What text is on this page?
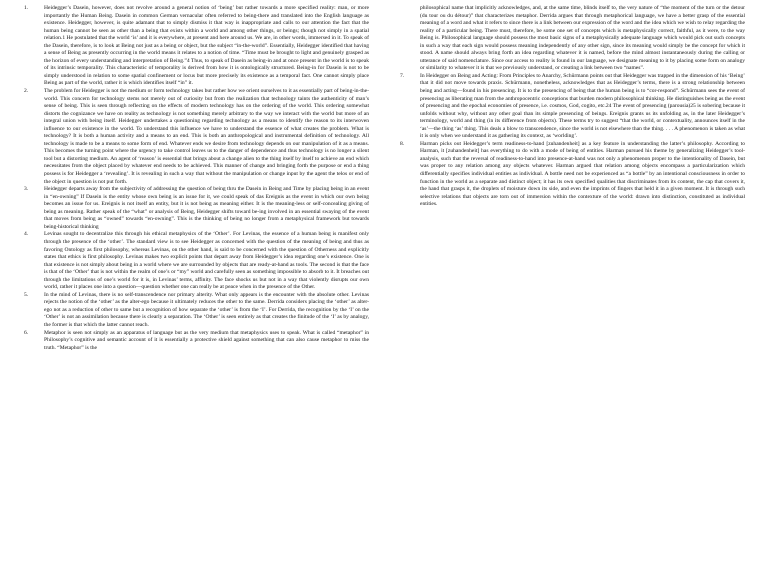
1.	Heidegger’s Dasein, however, does not revolve around a general notion of ‘being’ but rather towards a more specified reality: man, or more importantly the Human Being. Dasein in common German vernacular often referred to being-there and translated into the English language as existence. Heidegger, however, is quite adamant that to simply dismiss it that way is inappropriate and calls to our attention the fact that the human being cannot be seen as other than a being that exists within a world and among other things, or beings; though not simply in a spatial relation.1 He postulated that the world ‘is’ and it is everywhere, at present and here around us. We are, in other words, immersed in it. To speak of the Dasein, therefore, is to look at Being not just as a being or object, but the subject “in-the-world”. Essentially, Heidegger identified that having a sense of Being as presently occurring in the world means it relates to a notion of time. “Time must be brought to light and genuinely grasped as the horizon of every understanding and interpretation of Being.”4 Thus, to speak of Dasein as being-in and at once present in the world is to speak of its intrinsic temporality. This characteristic of temporality is derived from how it is ontologically structured. Being-in for Dasein is not to be simply understood in relation to some spatial confinement or locus but more precisely its existence as a temporal fact. One cannot simply place Being as part of the world, rather it is which identifies itself “in” it.
2.	The problem for Heidegger is not the medium or form technology takes but rather how we orient ourselves to it as essentially part of being-in-the-world. This concern for technology stems not merely out of curiosity but from the realization that technology taints the authenticity of man’s sense of being. This is seen through reflecting on the effects of modern technology has on the ordering of the world. This ordering somewhat distorts the cognizance we have on reality as technology is not something merely arbitrary to the way we interact with the world but more of an integral union with being itself. Heidegger undertakes a questioning regarding technology as a means to identify the reason to its interwoven influence to our existence in the world. To understand this influence we have to understand the essence of what creates the problem. What is technology? It is both a human activity and a means to an end. This is both an anthropological and instrumental definition of technology. All technology is made to be a means to some form of end. Whatever ends we desire from technology depends on our manipulation of it as a means. This becomes the turning point where the urgency to take control leaves us to the danger of dependence and thus technology is no longer a silent tool but a distorting medium. An agent of ‘reason’ is essential that brings about a change alien to the thing itself by itself to achieve an end which necessitates from the object placed by whatever end needs to be achieved. This manner of change and bringing forth the purpose or end a thing possess is for Heidegger a ‘revealing’. It is revealing in such a way that without the manipulation or change input by the agent the telos or end of the object in question is not put forth.
3.	Heidegger departs away from the subjectivity of addressing the question of being thru the Dasein in Being and Time by placing being in an event in “en-owning” If Dasein is the entity whose own being is an issue for it, we could speak of das Ereignis as the event in which our own being becomes an issue for us. Ereignis is not itself an entity, but it is not being as meaning either. It is the meaning-less or self-concealing giving of being as meaning. Rather speak of the “what” or analysis of Being, Heidegger shifts toward be-ing involved in an essential swaying of the event that moves from being as “owned” towards “en-owning”. This is the thinking of being no longer from a metaphysical framework but towards being-historical thinking
4.	Levinas sought to decentralize this through his ethical metaphysics of the ‘Other’. For Levinas, the essence of a human being is manifest only through the presence of the ‘other’. The standard view is to see Heidegger as concerned with the question of the meaning of being and thus as favoring Ontology as first philosophy, whereas Levinas, on the other hand, is said to be concerned with the question of Otherness and explicitly states that ethics is first philosophy. Levinas makes two explicit points that depart away from Heidegger’s idea regarding one’s existence. One is that existence is not simply about being in a world where we are surrounded by objects that are ready-at-hand as tools. The second is that the face is that of the ‘Other’ that is not within the realm of one’s or “my” world and carefully seen as something impossible to absorb to it. It breaches out through the limitations of one’s world for it is, in Levinas’ terms, affinity. The face shocks us but not in a way that violently disrupts our own world, rather it places one into a question—question whether one can really be at peace when in the presence of the Other.
5.	In the mind of Levinas, there is no self-transcendence nor primary alterity. What only appears is the encounter with the absolute other. Levinas rejects the notion of the ‘other’ as the alter-ego because it ultimately reduces the other to the same. Derrida considers placing the ‘other’ as alter-ego not as a reduction of other to same but a recognition of how separate the ‘other’ is from the ‘I’. For Derrida, the recognition by the ‘I’ on the ‘Other’ is not an assimilation because there is clearly a separation. The ‘Other’ is seen entirely as that creates the finitude of the ‘I’ as by analogy, the former is that which the latter cannot reach.
6.	Metaphor is seen not simply as an apparatus of language but as the very medium that metaphysics uses to speak. What is called “metaphor” in Philosophy’s cognitive and semantic account of it is essentially a protective shield against something that can also cause metaphor to miss the truth. “Metaphor” is the
philosophical name that implicitly acknowledges, and, at the same time, blinds itself to, the very nature of “the moment of the turn or the detour (du tour ou du détour)” that characterizes metaphor. Derrida argues that through metaphorical language, we have a better grasp of the essential meaning of a word and what it refers to since there is a link between our expression of the word and the idea which we wish to relay regarding the reality of a particular being. There must, therefore, be some one set of concepts which is metaphysically correct, faithful, as it were, to the way Being is. Philosophical language should possess the most basic signs of a metaphysically adequate language which would pick out such concepts in such a way that each sign would possess meaning independently of any other sign, since its meaning would simply be the concept for which it stood. A name should always bring forth an idea regarding whatever it is named, before the mind almost instantaneously during the calling or utterance of said nomenclature. Since our access to reality is found in our language, we designate meaning to it by placing some form on analogy or similarity to whatever it is that we previously understand, or creating a link between two “names”.
7.	In Heidegger on Being and Acting: From Principles to Anarchy, Schürmann points out that Heidegger was trapped in the dimension of his ‘Being’ that it did not move towards praxis. Schürmann, nonetheless, acknowledges that as Heidegger’s terms, there is a strong relationship between being and acting—found in his presencing. It is to the presencing of being that the human being is to “cor-respond”. Schürmann sees the event of presencing as liberating man from the anthropocentric conceptions that burden modern philosophical thinking. He distinguishes being as the event of presencing and the epochal economies of presence, i.e. cosmos, God, cogito, etc.24 The event of presencing (parousia)25 is sobering because it unfolds without why, without any other goal than its simple presencing of beings. Ereignis grants us its unfolding as, in the later Heidegger’s terminology, world and thing (in its difference from objects). These terms try to suggest “that the world, or contextuality, announces itself in the ‘as’—the thing ‘as’ thing. This deals a blow to transcendence, since the world is not elsewhere than the thing. . . . A phenomenon is taken as what it is only when we understand it as gathering its context, as ‘worlding’.
8.	Harman picks out Heidegger’s term readiness-to-hand [zuhandenheit] as a key feature in understanding the latter’s philosophy. According to Harman, it [zuhandenheit] has everything to do with a mode of being of entities. Harman pursued his theme by generalizing Heidegger’s tool-analysis, such that the reversal of readiness-to-hand into presence-at-hand was not only a phenomenon proper to the intentionality of Dasein, but was proper to any relation among any objects whatever. Harman argued that relation among objects encompass a particularization which differentially specifies individual entities as individual. A bottle need not be experienced as “a bottle” by an intentional consciousness in order to function in the world as a separate and distinct object; it has its own specified qualities that discriminates from its content, the cap that covers it, the hand that grasps it, the droplets of moisture down its side, and even the imprints of fingers that held it in a given moment. It is through such selective relations that objects are torn out of immersion within the contexture of the world: drawn into distinction, constituted as individual entities.
